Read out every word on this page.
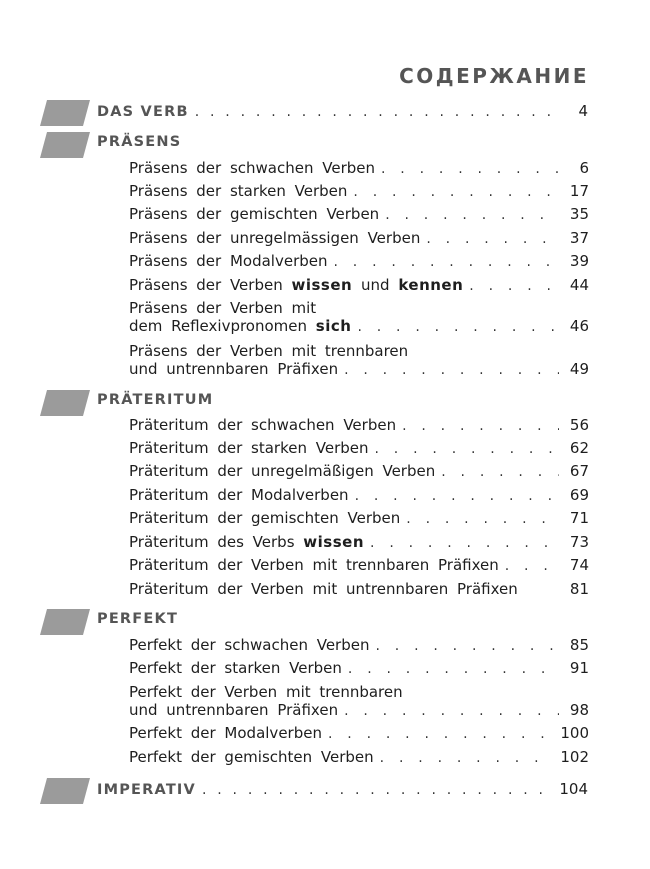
СОДЕРЖАНИЕ
DAS VERB . . .	4
PRÄSENS
Präsens der schwachen Verben . . .	6
Präsens der starken Verben . . .	17
Präsens der gemischten Verben . . .	35
Präsens der unregelmässigen Verben . . .	37
Präsens der Modalverben . . .	39
Präsens der Verben wissen und kennen . . .	44
Präsens der Verben mit
dem Reflexivpronomen sich . . .	46
Präsens der Verben mit trennbaren
und untrennbaren Präfixen . . .	49
PRÄTERITUM
Präteritum der schwachen Verben . . .	56
Präteritum der starken Verben . . .	62
Präteritum der unregelmäßigen Verben . . .	67
Präteritum der Modalverben . . .	69
Präteritum der gemischten Verben . . .	71
Präteritum des Verbs wissen . . .	73
Präteritum der Verben mit trennbaren Präfixen . . .	74
Präteritum der Verben mit untrennbaren Präfixen	81
PERFEKT
Perfekt der schwachen Verben . . .	85
Perfekt der starken Verben . . .	91
Perfekt der Verben mit trennbaren
und untrennbaren Präfixen . . .	98
Perfekt der Modalverben . . .	100
Perfekt der gemischten Verben . . .	102
IMPERATIV . . .	104
